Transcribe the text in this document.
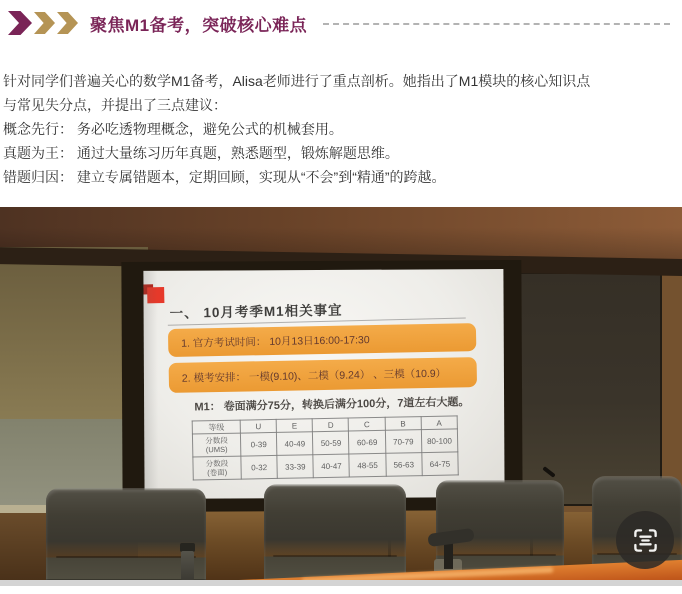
聚焦M1备考，突破核心难点
针对同学们普遍关心的数学M1备考，Alisa老师进行了重点剖析。她指出了M1模块的核心知识点
与常见失分点，并提出了三点建议：
概念先行： 务必吃透物理概念，避免公式的机械套用。
真题为王： 通过大量练习历年真题，熟悉题型，锻炼解题思维。
错题归因： 建立专属错题本，定期回顾，实现从“不会”到“精通”的跨越。
一、 10月考季M1相关事宜
1. 官方考试时间： 10月13日16:00-17:30
2. 模考安排： 一模(9.10)、二模（9.24） 、三模（10.9）
M1： 卷面满分75分，转换后满分100分，7道左右大题。
等级	U	E	D	C	B	A

分数段
(UMS)	0-39	40-49	50-59	60-69	70-79	80-100

分数段
(卷面)	0-32	33-39	40-47	48-55	56-63	64-75
